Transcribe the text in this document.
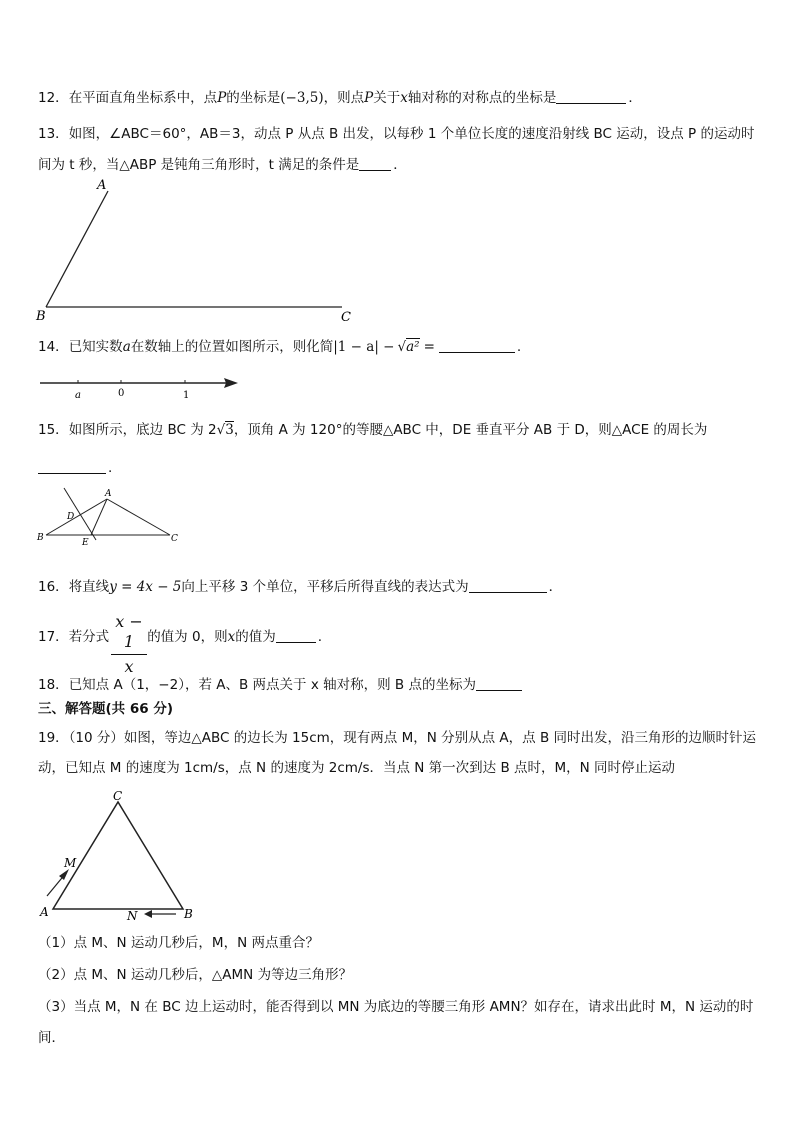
12．在平面直角坐标系中，点P的坐标是(−3,5)，则点P关于x轴对称的对称点的坐标是	．
13．如图，∠ABC＝60°，AB＝3，动点 P 从点 B 出发，以每秒 1 个单位长度的速度沿射线 BC 运动，设点 P 的运动时
间为 t 秒，当△ABP 是钝角三角形时，t 满足的条件是	．
A
B	C
14．已知实数a在数轴上的位置如图所示，则化简|1 − a| − √a² =	.
a	0	1
15．如图所示，底边 BC 为 2√3，顶角 A 为 120°的等腰△ABC 中，DE 垂直平分 AB 于 D，则△ACE 的周长为
.
A
D
B	E	C
16．将直线y = 4x − 5向上平移 3 个单位，平移后所得直线的表达式为	．
17．若分式	的值为 0，则x的值为	.
x − 1
x
18．已知点 A（1，−2），若 A、B 两点关于 x 轴对称，则 B 点的坐标为
三、解答题(共 66 分)
19．（10 分）如图，等边△ABC 的边长为 15cm，现有两点 M，N 分别从点 A，点 B 同时出发，沿三角形的边顺时针运
动，已知点 M 的速度为 1cm/s，点 N 的速度为 2cm/s．当点 N 第一次到达 B 点时，M，N 同时停止运动
C
M
A	N	B
（1）点 M、N 运动几秒后，M，N 两点重合？
（2）点 M、N 运动几秒后，△AMN 为等边三角形？
（3）当点 M，N 在 BC 边上运动时，能否得到以 MN 为底边的等腰三角形 AMN？如存在，请求出此时 M，N 运动的时
间．
